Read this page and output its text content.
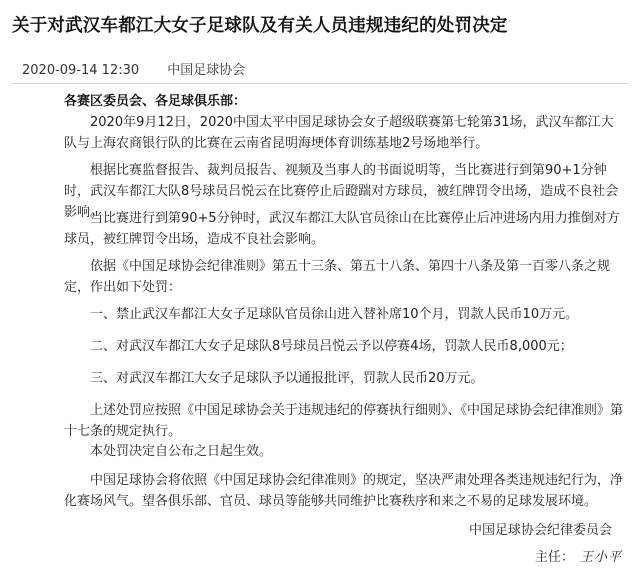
关于对武汉车都江大女子足球队及有关人员违规违纪的处罚决定
2020-09-14 12:30 中国足球协会
各赛区委员会、各足球俱乐部：

2020年9月12日，2020中国太平中国足球协会女子超级联赛第七轮第31场，武汉车都江大队与上海农商银行队的比赛在云南省昆明海埂体育训练基地2号场地举行。

根据比赛监督报告、裁判员报告、视频及当事人的书面说明等，当比赛进行到第90+1分钟时，武汉车都江大队8号球员吕悦云在比赛停止后蹬踹对方球员，被红牌罚令出场，造成不良社会影响。

当比赛进行到第90+5分钟时，武汉车都江大队官员徐山在比赛停止后冲进场内用力推倒对方球员，被红牌罚令出场，造成不良社会影响。

依据《中国足球协会纪律准则》第五十三条、第五十八条、第四十八条及第一百零八条之规定，作出如下处罚：

一、禁止武汉车都江大女子足球队官员徐山进入替补席10个月，罚款人民币10万元。

二、对武汉车都江大女子足球队8号球员吕悦云予以停赛4场，罚款人民币8,000元；

三、对武汉车都江大女子足球队予以通报批评，罚款人民币20万元。

上述处罚应按照《中国足球协会关于违规违纪的停赛执行细则》、《中国足球协会纪律准则》第十七条的规定执行。

本处罚决定自公布之日起生效。

中国足球协会将依照《中国足球协会纪律准则》的规定，坚决严肃处理各类违规违纪行为，净化赛场风气。望各俱乐部、官员、球员等能够共同维护比赛秩序和来之不易的足球发展环境。

中国足球协会纪律委员会
主任： 王小平
